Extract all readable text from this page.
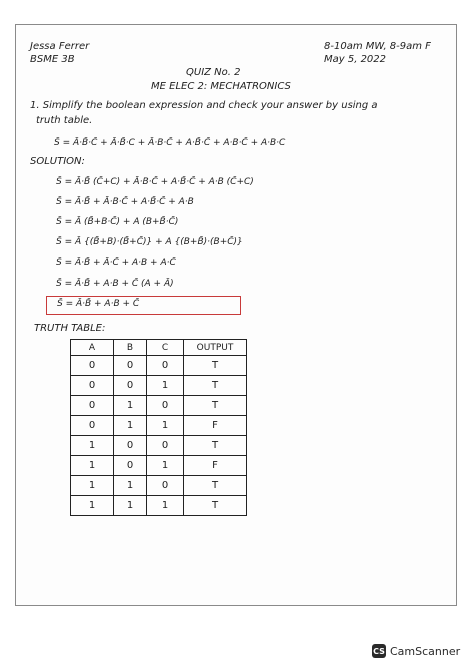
Jessa Ferrer
BSME 3B
8-10am MW, 8-9am F
May 5, 2022
QUIZ No. 2
ME ELEC 2: MECHATRONICS
1. Simplify the boolean expression and check your answer by using a
truth table.
S̄ = Ā·B̄·C̄ + Ā·B̄·C + Ā·B·C̄ + A·B̄·C̄ + A·B·C̄ + A·B·C
SOLUTION:
S̄ = Ā·B̄ (C̄+C) + Ā·B·C̄ + A·B̄·C̄ + A·B (C̄+C)
S̄ = Ā·B̄ + Ā·B·C̄ + A·B̄·C̄ + A·B
S̄ = Ā (B̄+B·C̄) + A (B+B̄·C̄)
S̄ = Ā {(B̄+B)·(B̄+C̄)} + A {(B+B̄)·(B+C̄)}
S̄ = Ā·B̄ + Ā·C̄ + A·B + A·C̄
S̄ = Ā·B̄ + A·B + C̄ (A + Ā)
S̄ = Ā·B̄ + A·B + C̄
TRUTH TABLE:
A	B	C	OUTPUT
0	0	0	T
0	0	1	T
0	1	0	T
0	1	1	F
1	0	0	T
1	0	1	F
1	1	0	T
1	1	1	T
CS CamScanner
